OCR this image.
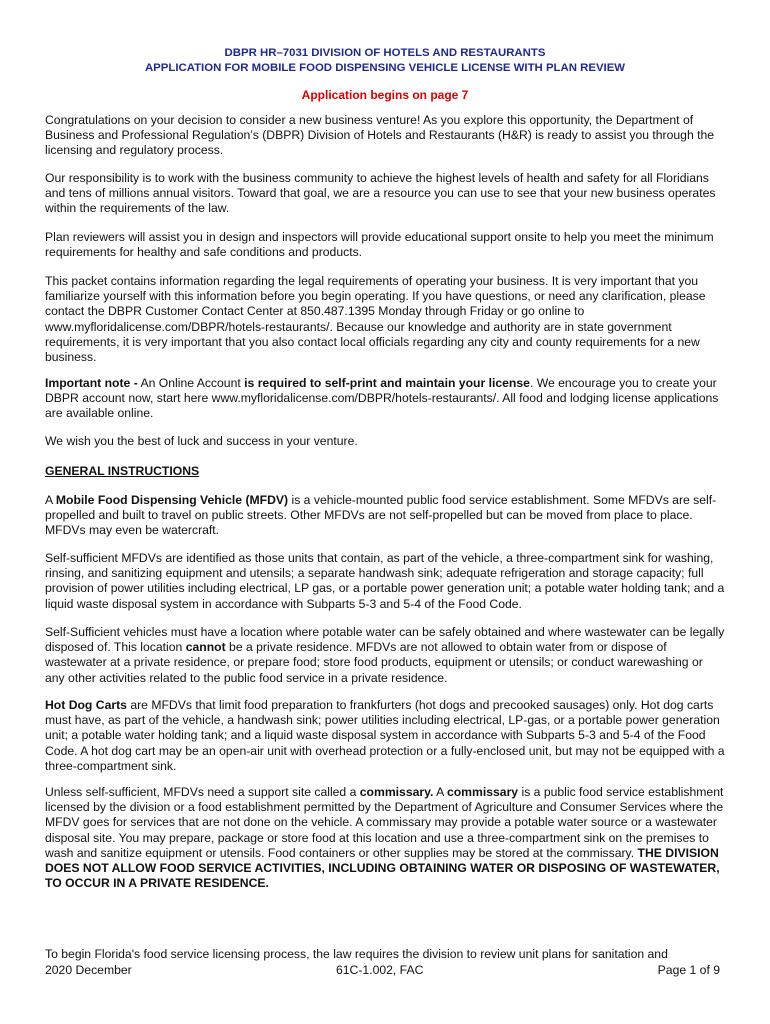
DBPR HR–7031 DIVISION OF HOTELS AND RESTAURANTS
APPLICATION FOR MOBILE FOOD DISPENSING VEHICLE LICENSE WITH PLAN REVIEW
Application begins on page 7

Congratulations on your decision to consider a new business venture! As you explore this opportunity, the Department of Business and Professional Regulation’s (DBPR) Division of Hotels and Restaurants (H&R) is ready to assist you through the licensing and regulatory process.

Our responsibility is to work with the business community to achieve the highest levels of health and safety for all Floridians and tens of millions annual visitors. Toward that goal, we are a resource you can use to see that your new business operates within the requirements of the law.

Plan reviewers will assist you in design and inspectors will provide educational support onsite to help you meet the minimum requirements for healthy and safe conditions and products.

This packet contains information regarding the legal requirements of operating your business. It is very important that you familiarize yourself with this information before you begin operating. If you have questions, or need any clarification, please contact the DBPR Customer Contact Center at 850.487.1395 Monday through Friday or go online to www.myfloridalicense.com/DBPR/hotels-restaurants/. Because our knowledge and authority are in state government requirements, it is very important that you also contact local officials regarding any city and county requirements for a new business.

Important note - An Online Account is required to self-print and maintain your license. We encourage you to create your DBPR account now, start here www.myfloridalicense.com/DBPR/hotels-restaurants/. All food and lodging license applications are available online.

We wish you the best of luck and success in your venture.

GENERAL INSTRUCTIONS

A Mobile Food Dispensing Vehicle (MFDV) is a vehicle-mounted public food service establishment. Some MFDVs are self-propelled and built to travel on public streets. Other MFDVs are not self-propelled but can be moved from place to place. MFDVs may even be watercraft.

Self-sufficient MFDVs are identified as those units that contain, as part of the vehicle, a three-compartment sink for washing, rinsing, and sanitizing equipment and utensils; a separate handwash sink; adequate refrigeration and storage capacity; full provision of power utilities including electrical, LP gas, or a portable power generation unit; a potable water holding tank; and a liquid waste disposal system in accordance with Subparts 5-3 and 5-4 of the Food Code.

Self-Sufficient vehicles must have a location where potable water can be safely obtained and where wastewater can be legally disposed of. This location cannot be a private residence. MFDVs are not allowed to obtain water from or dispose of wastewater at a private residence, or prepare food; store food products, equipment or utensils; or conduct warewashing or any other activities related to the public food service in a private residence.

Hot Dog Carts are MFDVs that limit food preparation to frankfurters (hot dogs and precooked sausages) only. Hot dog carts must have, as part of the vehicle, a handwash sink; power utilities including electrical, LP-gas, or a portable power generation unit; a potable water holding tank; and a liquid waste disposal system in accordance with Subparts 5-3 and 5-4 of the Food Code. A hot dog cart may be an open-air unit with overhead protection or a fully-enclosed unit, but may not be equipped with a three-compartment sink.

Unless self-sufficient, MFDVs need a support site called a commissary. A commissary is a public food service establishment licensed by the division or a food establishment permitted by the Department of Agriculture and Consumer Services where the MFDV goes for services that are not done on the vehicle. A commissary may provide a potable water source or a wastewater disposal site. You may prepare, package or store food at this location and use a three-compartment sink on the premises to wash and sanitize equipment or utensils. Food containers or other supplies may be stored at the commissary. THE DIVISION DOES NOT ALLOW FOOD SERVICE ACTIVITIES, INCLUDING OBTAINING WATER OR DISPOSING OF WASTEWATER, TO OCCUR IN A PRIVATE RESIDENCE.

To begin Florida's food service licensing process, the law requires the division to review unit plans for sanitation and
2020 December	61C-1.002, FAC	Page 1 of 9
